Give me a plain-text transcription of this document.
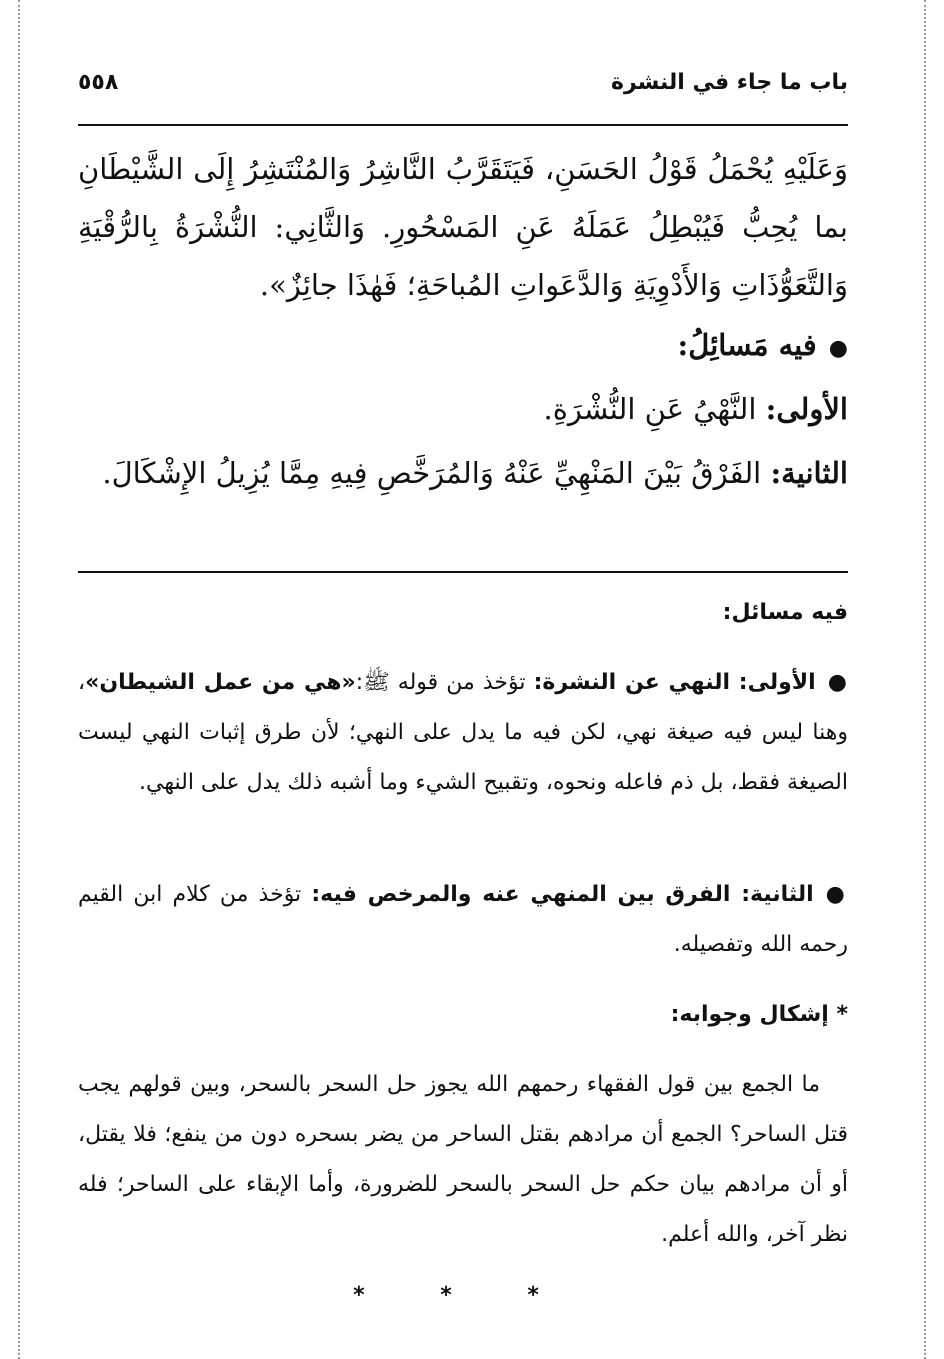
باب ما جاء في النشرة
٥٥٨
وَعَلَيْهِ يُحْمَلُ قَوْلُ الحَسَنِ، فَيَتَقَرَّبُ النَّاشِرُ وَالمُنْتَشِرُ إِلَى الشَّيْطَانِ بما يُحِبُّ فَيُبْطِلُ عَمَلَهُ عَنِ المَسْحُورِ. وَالثَّانِي: النُّشْرَةُ بِالرُّقْيَةِ وَالتَّعَوُّذَاتِ وَالأَدْوِيَةِ وَالدَّعَواتِ المُباحَةِ؛ فَهٰذَا جائِزٌ».
●فيه مَسائِلُ:
الأولى: النَّهْيُ عَنِ النُّشْرَةِ.
الثانية: الفَرْقُ بَيْنَ المَنْهِيِّ عَنْهُ وَالمُرَخَّصِ فِيهِ مِمَّا يُزِيلُ الإِشْكَالَ.
فيه مسائل:
●الأولى: النهي عن النشرة: تؤخذ من قوله ﷺ:«هي من عمل الشيطان»، وهنا ليس فيه صيغة نهي، لكن فيه ما يدل على النهي؛ لأن طرق إثبات النهي ليست الصيغة فقط، بل ذم فاعله ونحوه، وتقبيح الشيء وما أشبه ذلك يدل على النهي.
●الثانية: الفرق بين المنهي عنه والمرخص فيه: تؤخذ من كلام ابن القيم رحمه الله وتفصيله.
* إشكال وجوابه:
ما الجمع بين قول الفقهاء رحمهم الله يجوز حل السحر بالسحر، وبين قولهم يجب قتل الساحر؟ الجمع أن مرادهم بقتل الساحر من يضر بسحره دون من ينفع؛ فلا يقتل، أو أن مرادهم بيان حكم حل السحر بالسحر للضرورة، وأما الإبقاء على الساحر؛ فله نظر آخر، والله أعلم.
* * *
